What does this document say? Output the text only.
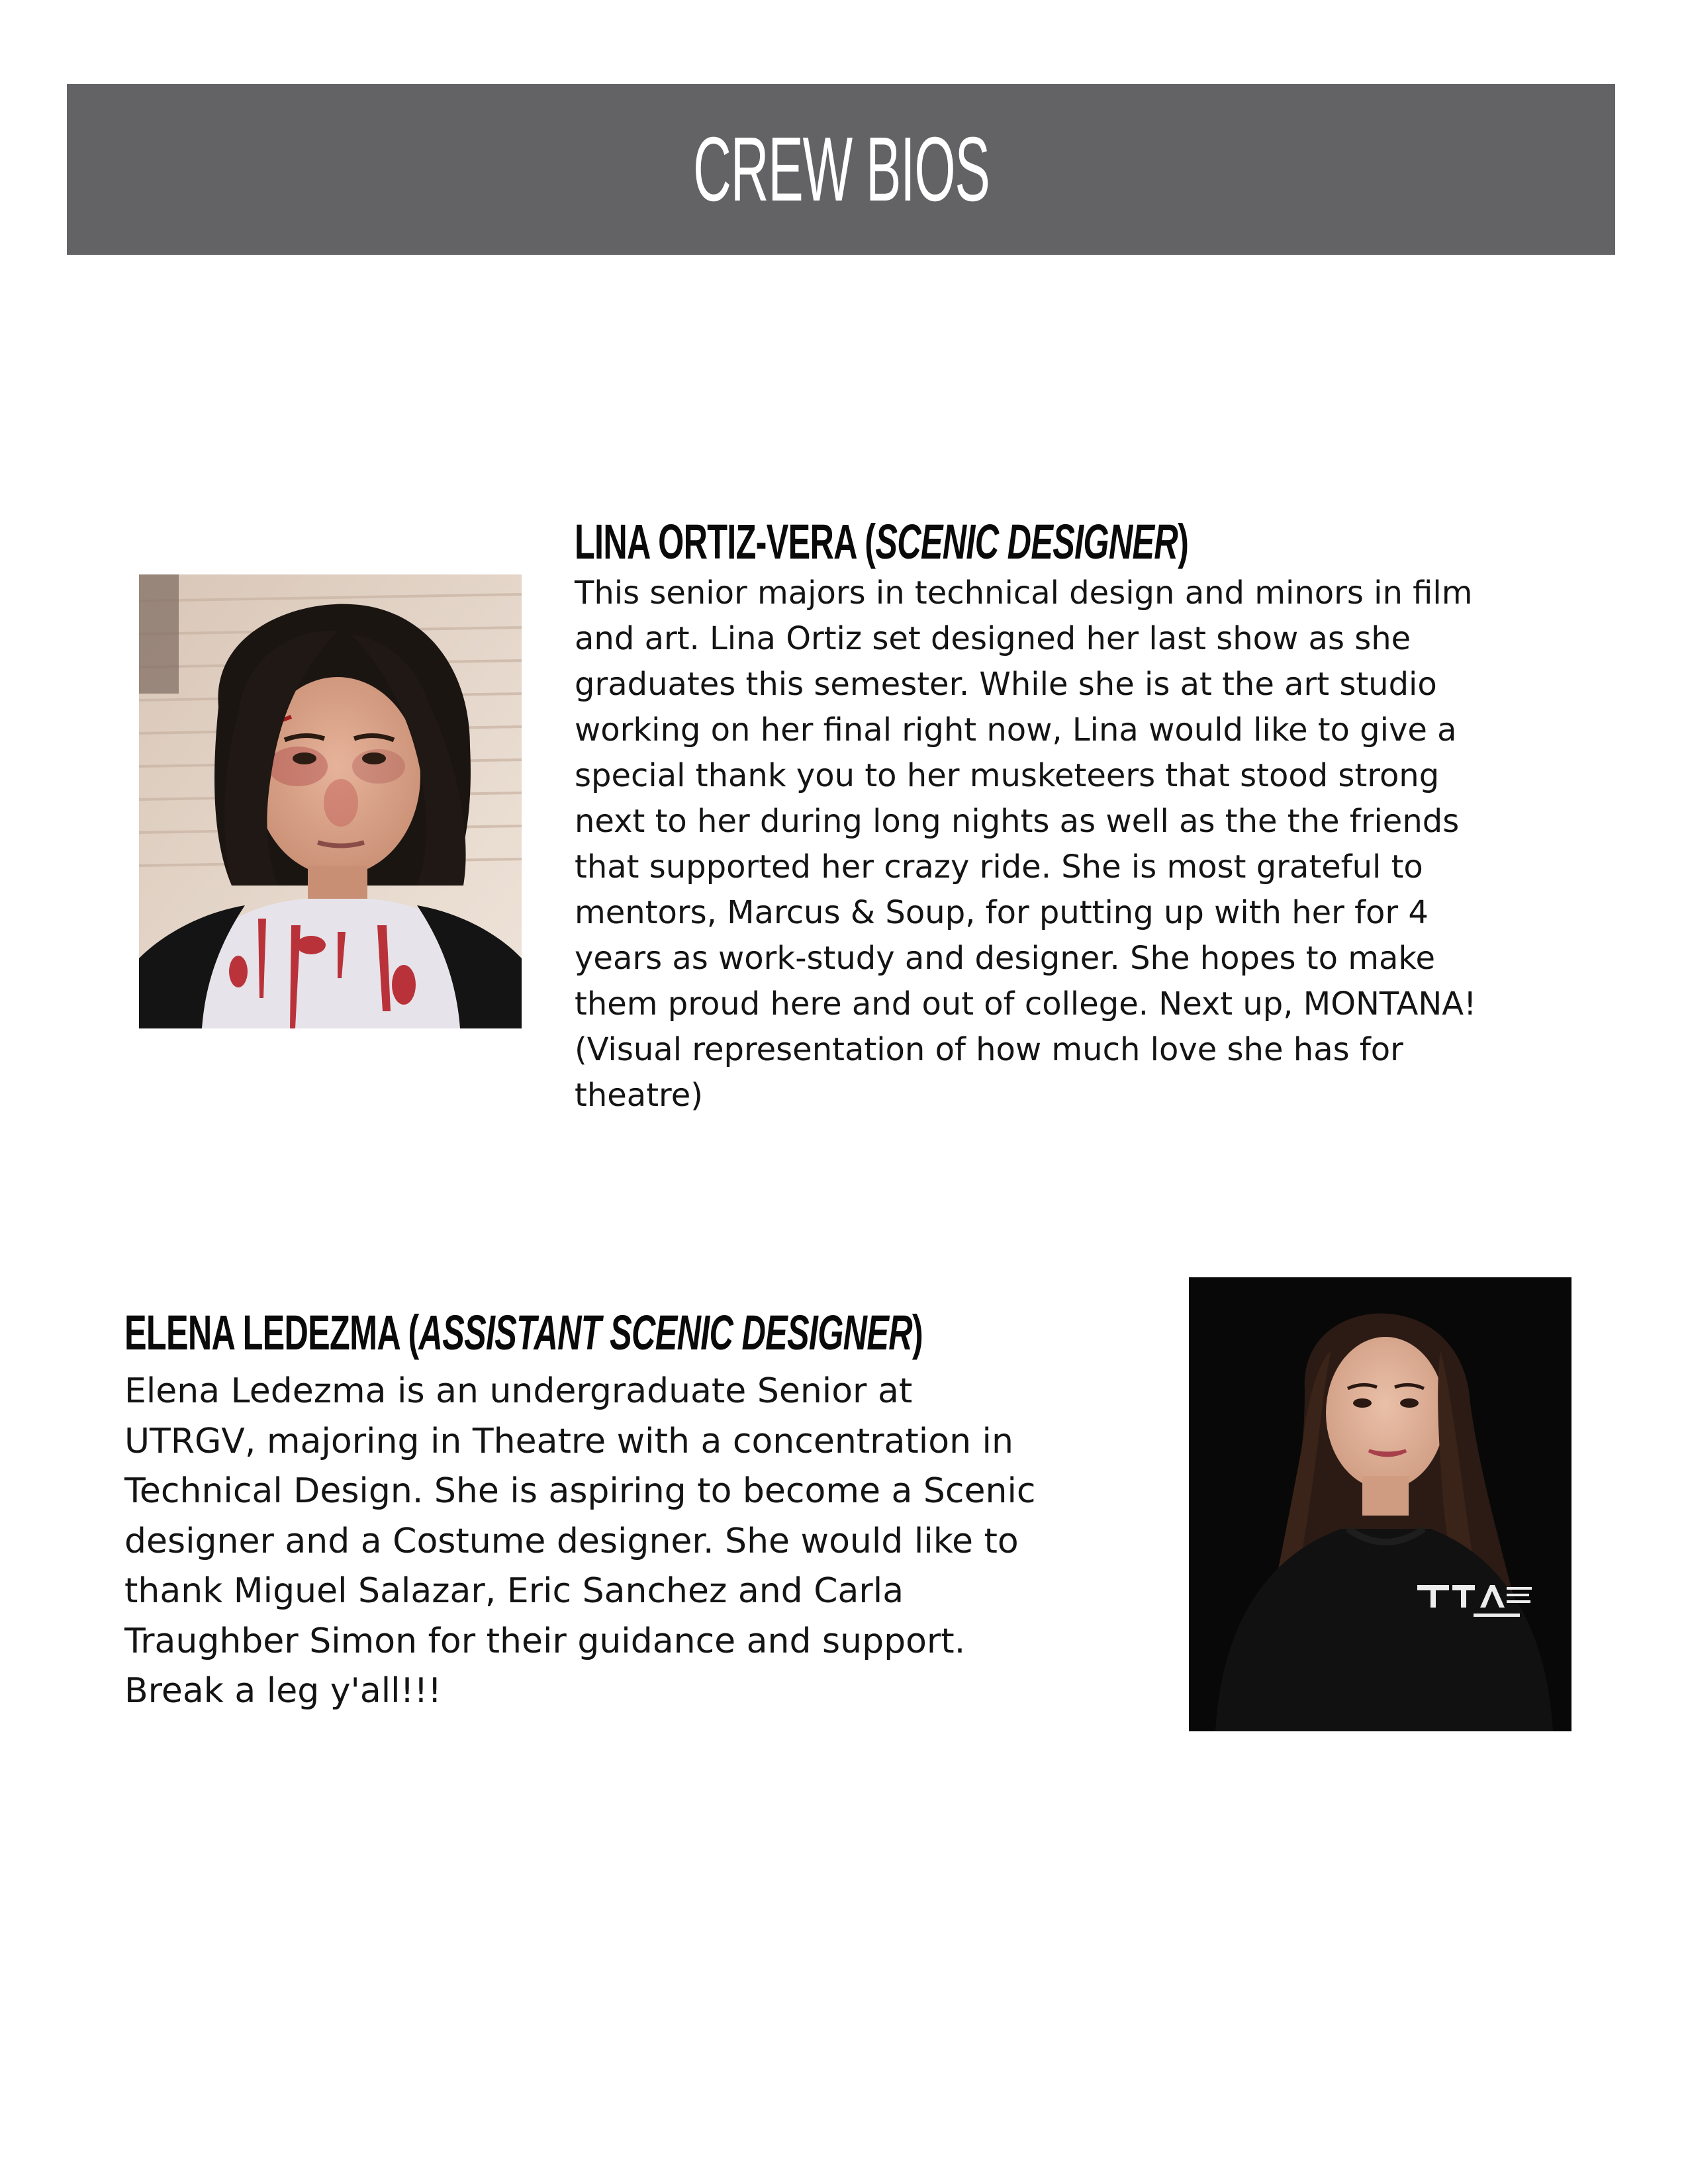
CREW BIOS
LINA ORTIZ-VERA (SCENIC DESIGNER)
This senior majors in technical design and minors in film
and art. Lina Ortiz set designed her last show as she
graduates this semester. While she is at the art studio
working on her final right now, Lina would like to give a
special thank you to her musketeers that stood strong
next to her during long nights as well as the the friends
that supported her crazy ride. She is most grateful to
mentors, Marcus & Soup, for putting up with her for 4
years as work-study and designer. She hopes to make
them proud here and out of college. Next up, MONTANA!
(Visual representation of how much love she has for
theatre)
ELENA LEDEZMA (ASSISTANT SCENIC DESIGNER)
Elena Ledezma is an undergraduate Senior at
UTRGV, majoring in Theatre with a concentration in
Technical Design. She is aspiring to become a Scenic
designer and a Costume designer. She would like to
thank Miguel Salazar, Eric Sanchez and Carla
Traughber Simon for their guidance and support.
Break a leg y'all!!!
